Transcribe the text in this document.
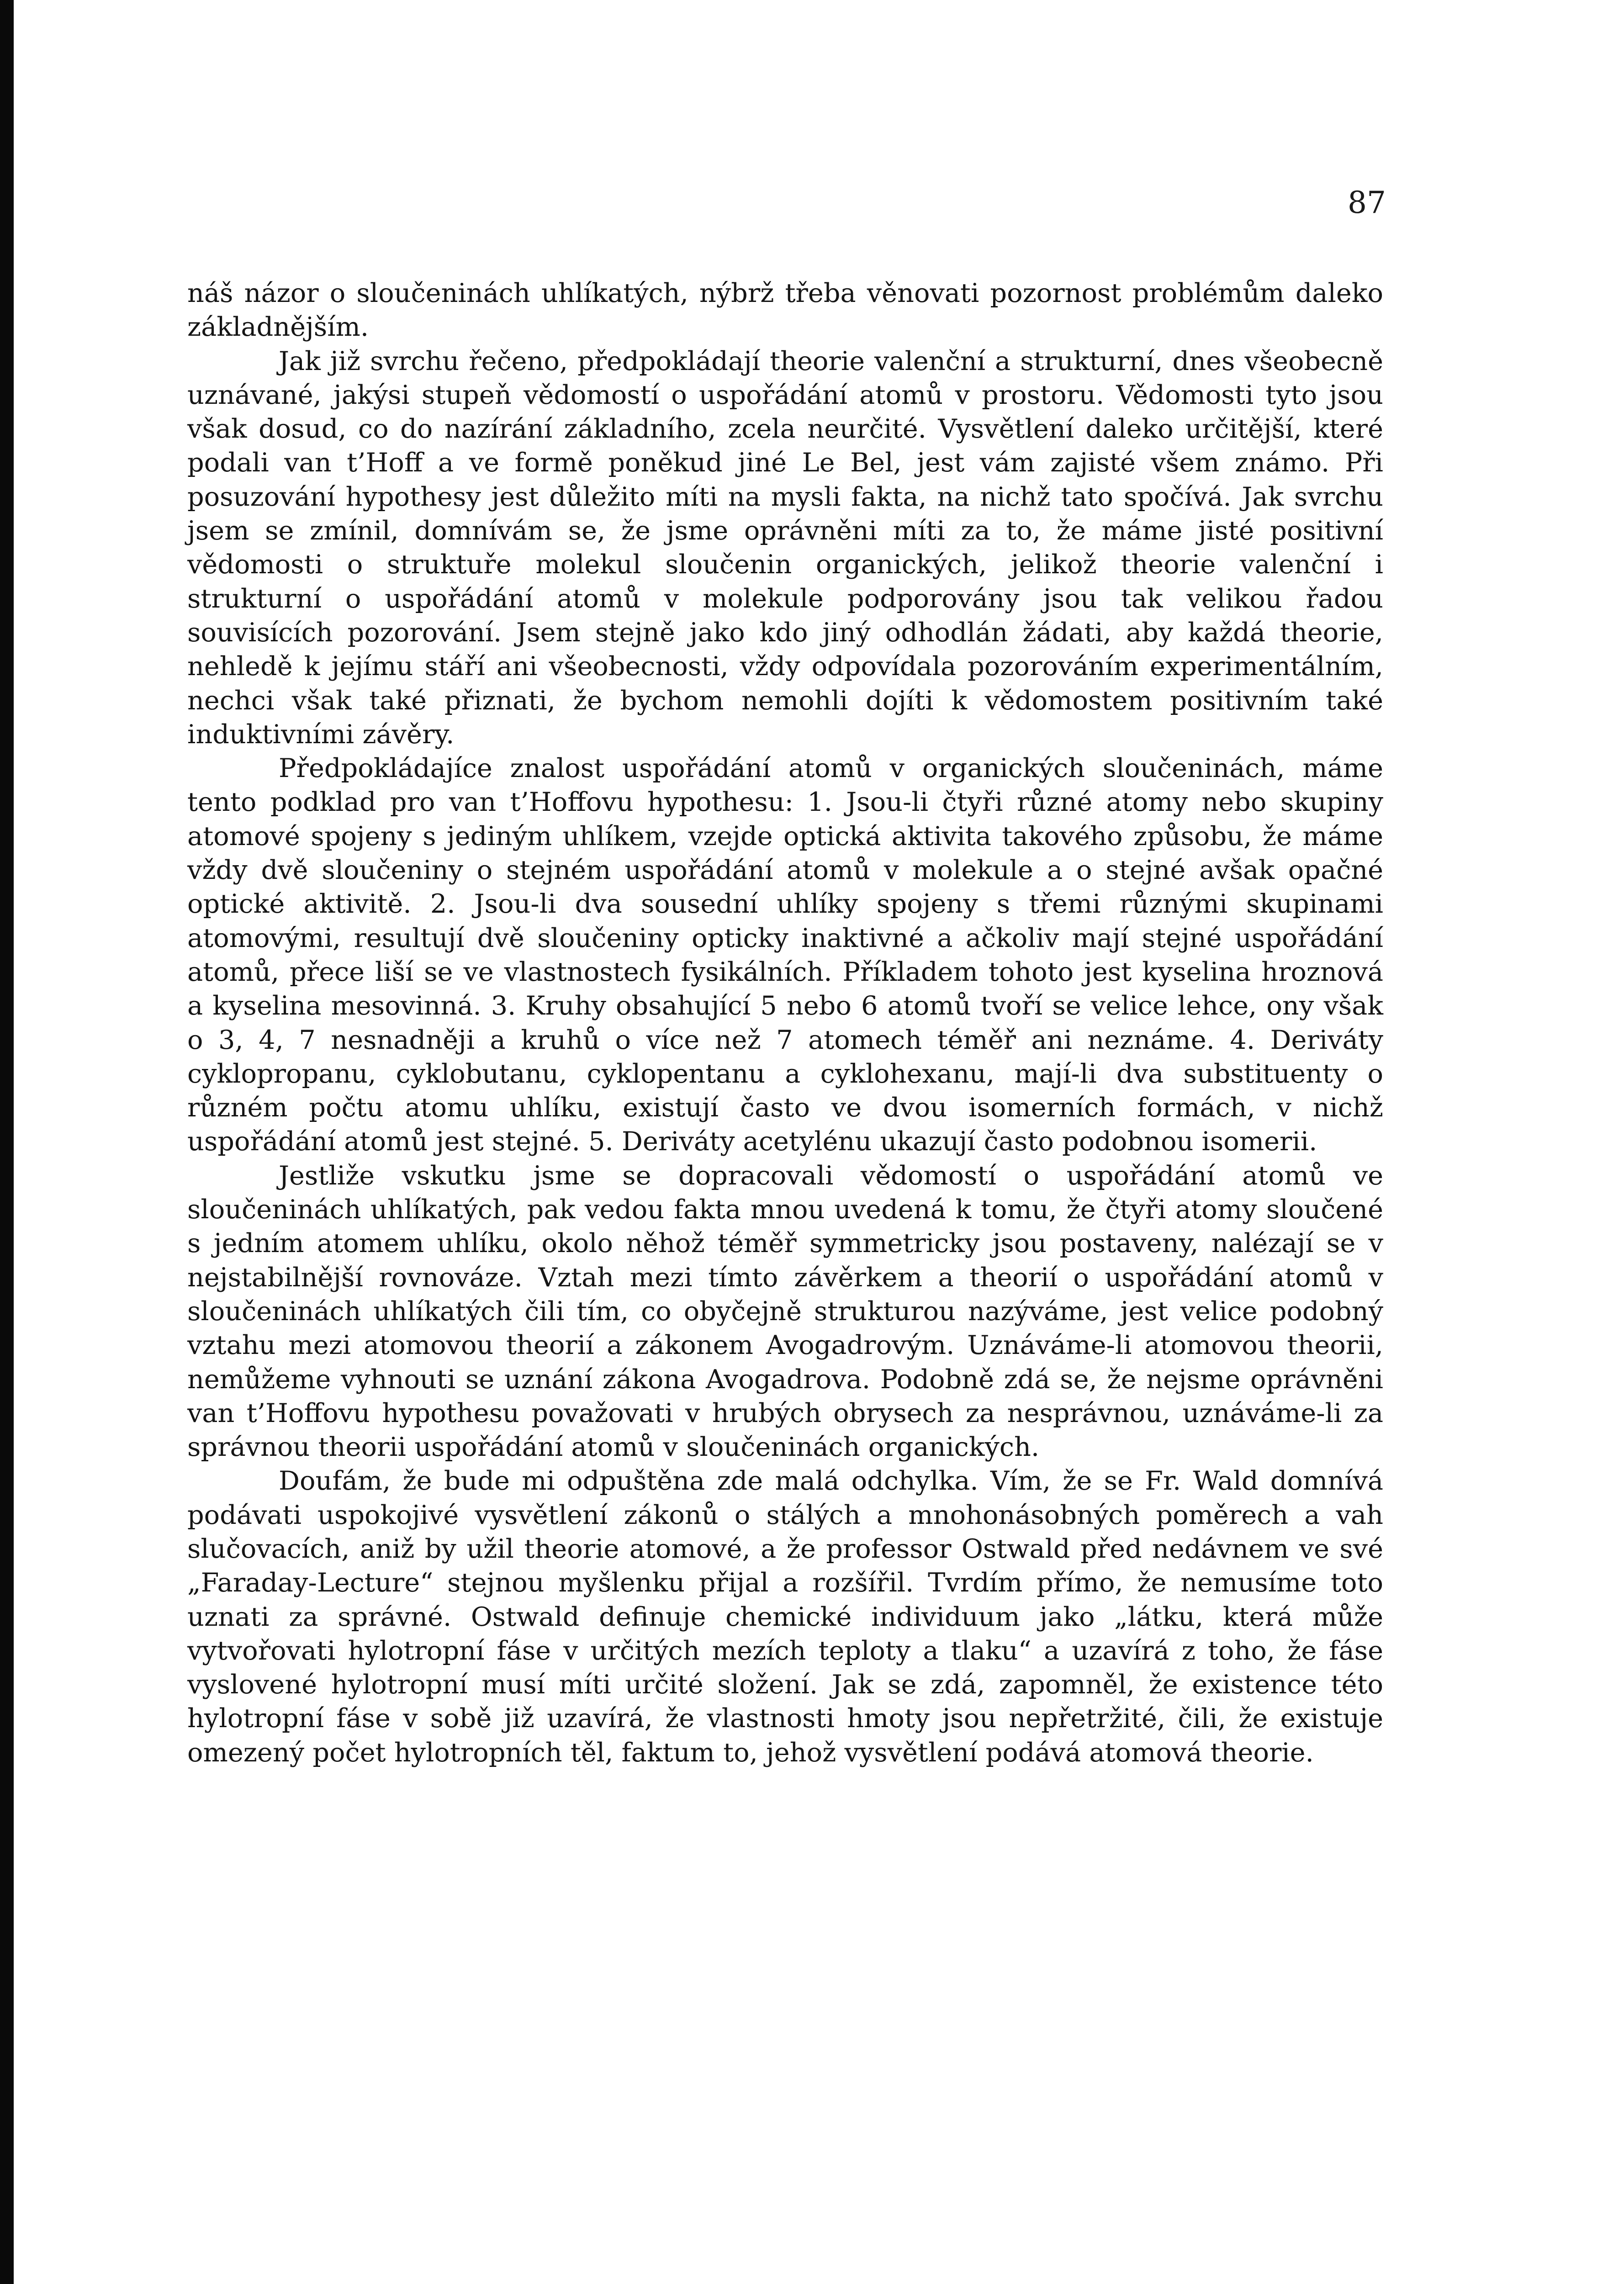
87

náš názor o sloučeninách uhlíkatých, nýbrž třeba věnovati pozornost problémům daleko základnějším.

Jak již svrchu řečeno, předpokládají theorie valenční a strukturní, dnes všeobecně uznávané, jakýsi stupeň vědomostí o uspořádání atomů v prostoru. Vědomosti tyto jsou však dosud, co do nazírání základního, zcela neurčité. Vysvětlení daleko určitější, které podali van t’Hoff a ve formě poněkud jiné Le Bel, jest vám zajisté všem známo. Při posuzování hypothesy jest důležito míti na mysli fakta, na nichž tato spočívá. Jak svrchu jsem se zmínil, domnívám se, že jsme oprávněni míti za to, že máme jisté positivní vědomosti o struktuře molekul sloučenin organických, jelikož theorie valenční i strukturní o uspořádání atomů v molekule podporovány jsou tak velikou řadou souvisících pozorování. Jsem stejně jako kdo jiný odhodlán žádati, aby každá theorie, nehledě k jejímu stáří ani všeobecnosti, vždy odpovídala pozorováním experimentálním, nechci však také přiznati, že bychom nemohli dojíti k vědomostem positivním také induktivními závěry.

Předpokládajíce znalost uspořádání atomů v organických sloučeninách, máme tento podklad pro van t’Hoffovu hypothesu: 1. Jsou-li čtyři různé atomy nebo skupiny atomové spojeny s jediným uhlíkem, vzejde optická aktivita takového způsobu, že máme vždy dvě sloučeniny o stejném uspořádání atomů v molekule a o stejné avšak opačné optické aktivitě. 2. Jsou-li dva sousední uhlíky spojeny s třemi různými skupinami atomovými, resultují dvě sloučeniny opticky inaktivné a ačkoliv mají stejné uspořádání atomů, přece liší se ve vlastnostech fysikálních. Příkladem tohoto jest kyselina hroznová a kyselina mesovinná. 3. Kruhy obsahující 5 nebo 6 atomů tvoří se velice lehce, ony však o 3, 4, 7 nesnadněji a kruhů o více než 7 atomech téměř ani neznáme. 4. Deriváty cyklopropanu, cyklobutanu, cyklopentanu a cyklohexanu, mají-li dva substituenty o různém počtu atomu uhlíku, existují často ve dvou isomerních formách, v nichž uspořádání atomů jest stejné. 5. Deriváty acetylénu ukazují často podobnou isomerii.

Jestliže vskutku jsme se dopracovali vědomostí o uspořádání atomů ve sloučeninách uhlíkatých, pak vedou fakta mnou uvedená k tomu, že čtyři atomy sloučené s jedním atomem uhlíku, okolo něhož téměř symmetricky jsou postaveny, nalézají se v nejstabilnější rovnováze. Vztah mezi tímto závěrkem a theorií o uspořádání atomů v sloučeninách uhlíkatých čili tím, co obyčejně strukturou nazýváme, jest velice podobný vztahu mezi atomovou theorií a zákonem Avogadrovým. Uznáváme-li atomovou theorii, nemůžeme vyhnouti se uznání zákona Avogadrova. Podobně zdá se, že nejsme oprávněni van t’Hoffovu hypothesu považovati v hrubých obrysech za nesprávnou, uznáváme-li za správnou theorii uspořádání atomů v sloučeninách organických.

Doufám, že bude mi odpuštěna zde malá odchylka. Vím, že se Fr. Wald domnívá podávati uspokojivé vysvětlení zákonů o stálých a mnohonásobných poměrech a vah slučovacích, aniž by užil theorie atomové, a že professor Ostwald před nedávnem ve své „Faraday-Lecture“ stejnou myšlenku přijal a rozšířil. Tvrdím přímo, že nemusíme toto uznati za správné. Ostwald definuje chemické individuum jako „látku, která může vytvořovati hylotropní fáse v určitých mezích teploty a tlaku“ a uzavírá z toho, že fáse vyslovené hylotropní musí míti určité složení. Jak se zdá, zapomněl, že existence této hylotropní fáse v sobě již uzavírá, že vlastnosti hmoty jsou nepřetržité, čili, že existuje omezený počet hylotropních těl, faktum to, jehož vysvětlení podává atomová theorie.
